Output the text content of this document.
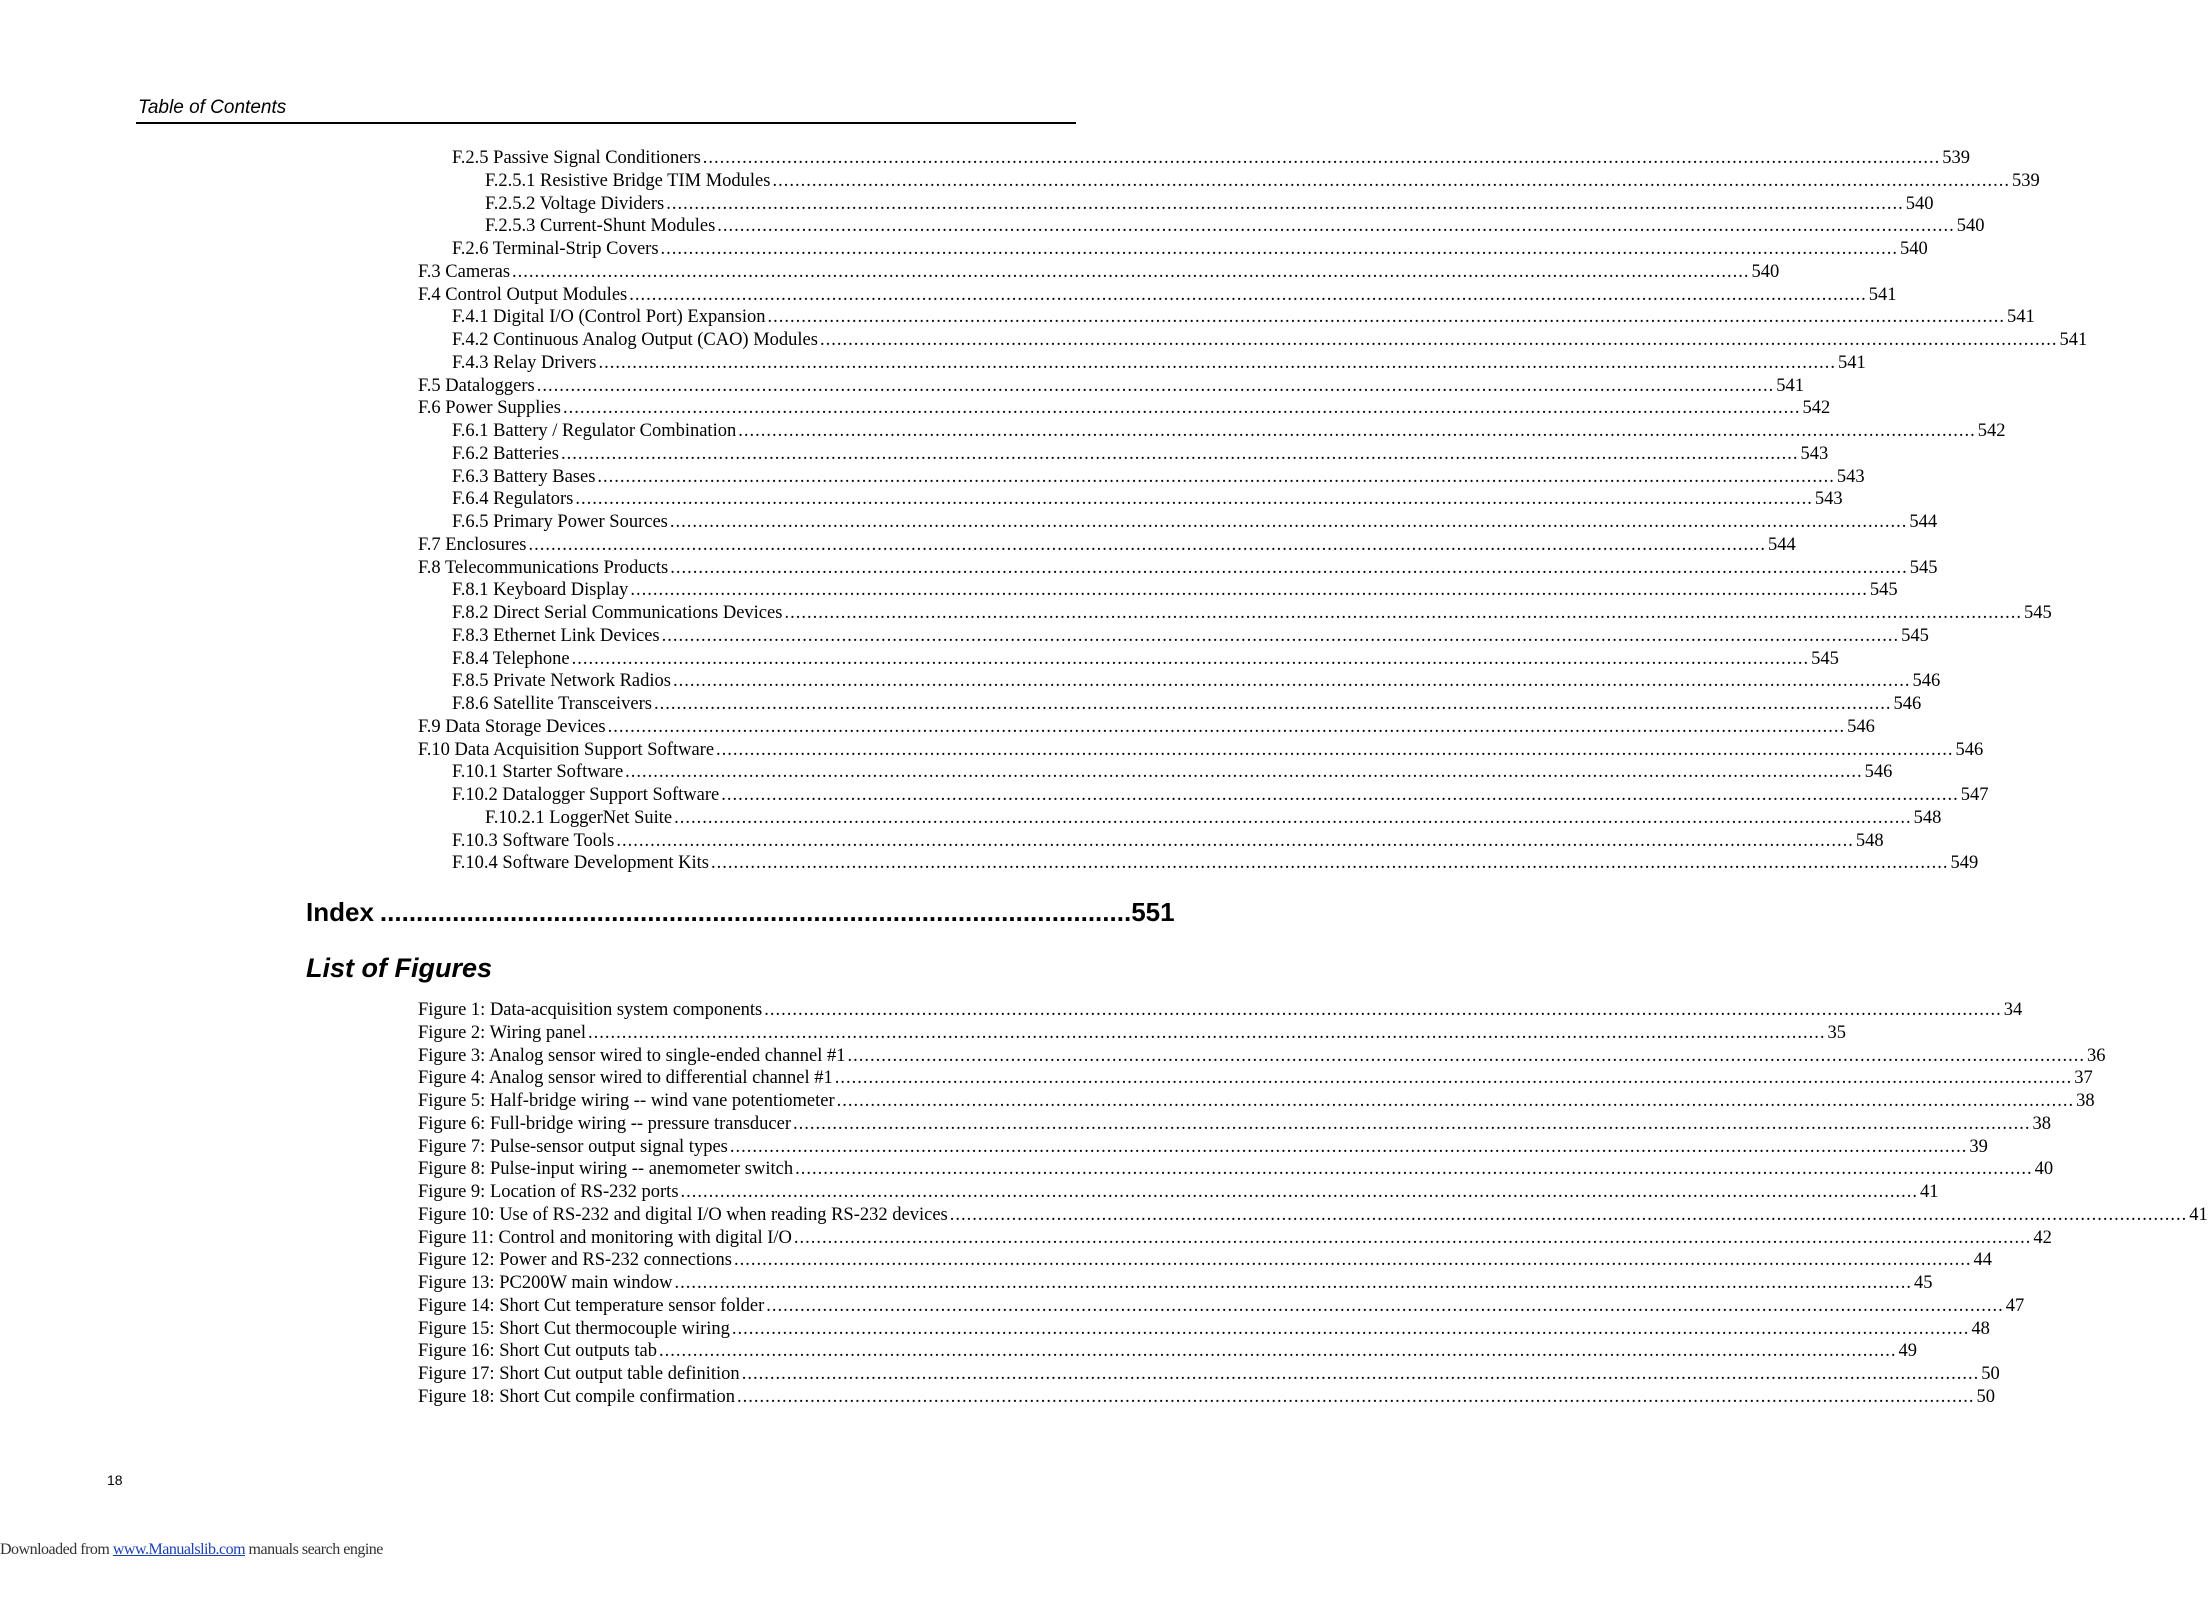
Table of Contents
F.2.5 Passive Signal Conditioners ............................................................................................................................................................................................................................ 539
F.2.5.1 Resistive Bridge TIM Modules ............................................................................................................................................................................................................................ 539
F.2.5.2 Voltage Dividers ............................................................................................................................................................................................................................ 540
F.2.5.3 Current-Shunt Modules ............................................................................................................................................................................................................................ 540
F.2.6 Terminal-Strip Covers ............................................................................................................................................................................................................................ 540
F.3 Cameras ............................................................................................................................................................................................................................ 540
F.4 Control Output Modules ............................................................................................................................................................................................................................ 541
F.4.1 Digital I/O (Control Port) Expansion ............................................................................................................................................................................................................................ 541
F.4.2 Continuous Analog Output (CAO) Modules ............................................................................................................................................................................................................................ 541
F.4.3 Relay Drivers ............................................................................................................................................................................................................................ 541
F.5 Dataloggers ............................................................................................................................................................................................................................ 541
F.6 Power Supplies ............................................................................................................................................................................................................................ 542
F.6.1 Battery / Regulator Combination ............................................................................................................................................................................................................................ 542
F.6.2 Batteries ............................................................................................................................................................................................................................ 543
F.6.3 Battery Bases ............................................................................................................................................................................................................................ 543
F.6.4 Regulators ............................................................................................................................................................................................................................ 543
F.6.5 Primary Power Sources ............................................................................................................................................................................................................................ 544
F.7 Enclosures ............................................................................................................................................................................................................................ 544
F.8 Telecommunications Products ............................................................................................................................................................................................................................ 545
F.8.1 Keyboard Display ............................................................................................................................................................................................................................ 545
F.8.2 Direct Serial Communications Devices ............................................................................................................................................................................................................................ 545
F.8.3 Ethernet Link Devices ............................................................................................................................................................................................................................ 545
F.8.4 Telephone ............................................................................................................................................................................................................................ 545
F.8.5 Private Network Radios ............................................................................................................................................................................................................................ 546
F.8.6 Satellite Transceivers ............................................................................................................................................................................................................................ 546
F.9 Data Storage Devices ............................................................................................................................................................................................................................ 546
F.10 Data Acquisition Support Software ............................................................................................................................................................................................................................ 546
F.10.1 Starter Software ............................................................................................................................................................................................................................ 546
F.10.2 Datalogger Support Software ............................................................................................................................................................................................................................ 547
F.10.2.1 LoggerNet Suite ............................................................................................................................................................................................................................ 548
F.10.3 Software Tools ............................................................................................................................................................................................................................ 548
F.10.4 Software Development Kits ............................................................................................................................................................................................................................ 549
Index ........................................................................................................ 551
List of Figures
Figure 1: Data-acquisition system components ............................................................................................................................................................................................................................ 34
Figure 2: Wiring panel ............................................................................................................................................................................................................................ 35
Figure 3: Analog sensor wired to single-ended channel #1 ............................................................................................................................................................................................................................ 36
Figure 4: Analog sensor wired to differential channel #1 ............................................................................................................................................................................................................................ 37
Figure 5: Half-bridge wiring -- wind vane potentiometer ............................................................................................................................................................................................................................ 38
Figure 6: Full-bridge wiring -- pressure transducer ............................................................................................................................................................................................................................ 38
Figure 7: Pulse-sensor output signal types ............................................................................................................................................................................................................................ 39
Figure 8: Pulse-input wiring -- anemometer switch ............................................................................................................................................................................................................................ 40
Figure 9: Location of RS-232 ports ............................................................................................................................................................................................................................ 41
Figure 10: Use of RS-232 and digital I/O when reading RS-232 devices ............................................................................................................................................................................................................................ 41
Figure 11: Control and monitoring with digital I/O ............................................................................................................................................................................................................................ 42
Figure 12: Power and RS-232 connections ............................................................................................................................................................................................................................ 44
Figure 13: PC200W main window ............................................................................................................................................................................................................................ 45
Figure 14: Short Cut temperature sensor folder ............................................................................................................................................................................................................................ 47
Figure 15: Short Cut thermocouple wiring ............................................................................................................................................................................................................................ 48
Figure 16: Short Cut outputs tab ............................................................................................................................................................................................................................ 49
Figure 17: Short Cut output table definition ............................................................................................................................................................................................................................ 50
Figure 18: Short Cut compile confirmation ............................................................................................................................................................................................................................ 50
18
Downloaded from www.Manualslib.com manuals search engine
